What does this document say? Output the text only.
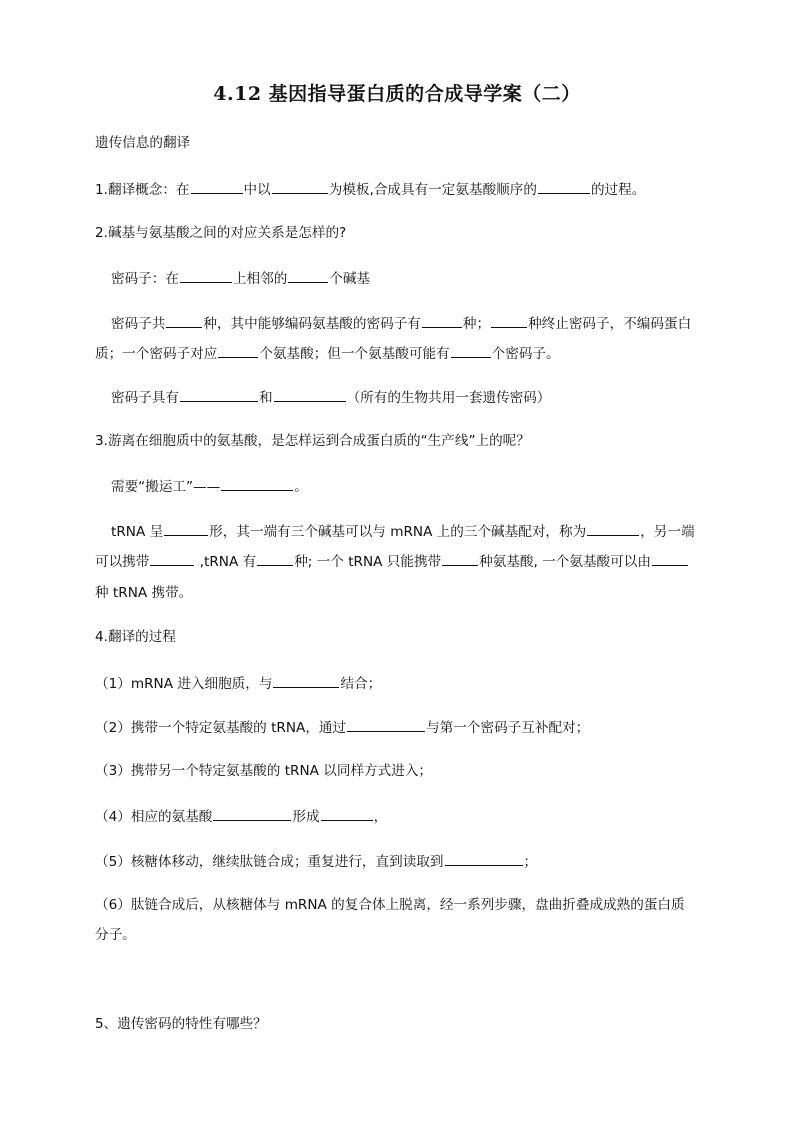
4.12 基因指导蛋白质的合成导学案（二）
遗传信息的翻译
1.翻译概念：在	中以	为模板,合成具有一定氨基酸顺序的	的过程。
2.碱基与氨基酸之间的对应关系是怎样的?
密码子：在	上相邻的	个碱基
密码子共	种，其中能够编码氨基酸的密码子有	种；	种终止密码子，不编码蛋白
质；一个密码子对应	个氨基酸；但一个氨基酸可能有	个密码子。
密码子具有	和	（所有的生物共用一套遗传密码）
3.游离在细胞质中的氨基酸，是怎样运到合成蛋白质的“生产线”上的呢？
需要“搬运工”——	。
tRNA 呈	形，其一端有三个碱基可以与 mRNA 上的三个碱基配对，称为	，另一端
可以携带	,tRNA 有	种; 一个 tRNA 只能携带	种氨基酸, 一个氨基酸可以由
种 tRNA 携带。
4.翻译的过程
（1）mRNA 进入细胞质，与	结合；
（2）携带一个特定氨基酸的 tRNA，通过	与第一个密码子互补配对；
（3）携带另一个特定氨基酸的 tRNA 以同样方式进入；
（4）相应的氨基酸	形成	，
（5）核糖体移动，继续肽链合成；重复进行，直到读取到	；
（6）肽链合成后，从核糖体与 mRNA 的复合体上脱离，经一系列步骤，盘曲折叠成成熟的蛋白质
分子。
5、遗传密码的特性有哪些？
